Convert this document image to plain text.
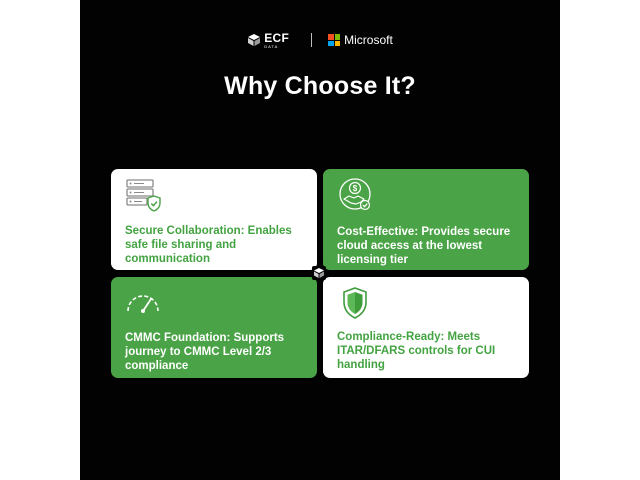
ECF
DATA	Microsoft
Why Choose It?
Secure Collaboration: Enables safe file sharing and communication
$
Cost-Effective: Provides secure cloud access at the lowest licensing tier
CMMC Foundation: Supports journey to CMMC Level 2/3 compliance
Compliance-Ready: Meets ITAR/DFARS controls for CUI handling
